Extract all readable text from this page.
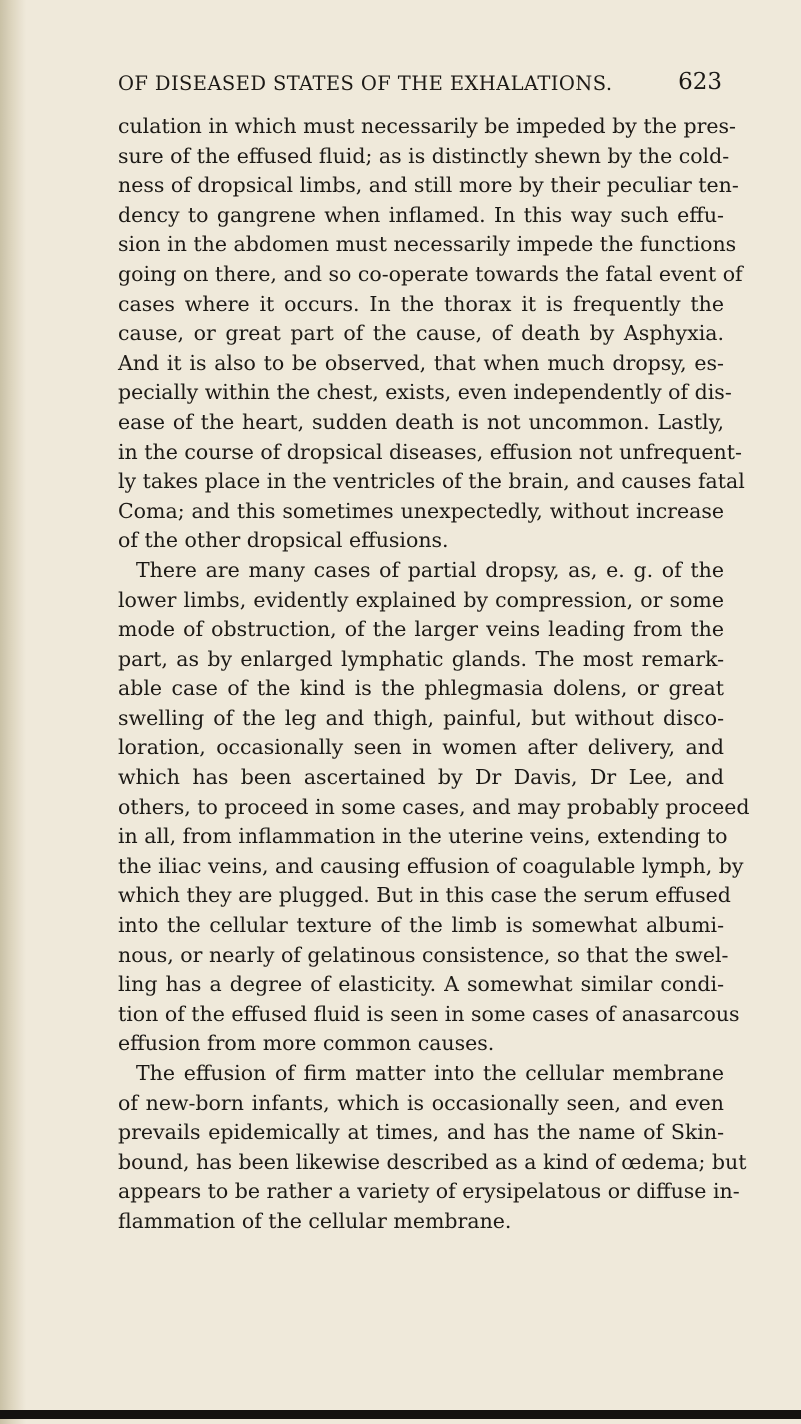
OF DISEASED STATES OF THE EXHALATIONS.	623
culation in which must necessarily be impeded by the pres-
sure of the effused fluid; as is distinctly shewn by the cold-
ness of dropsical limbs, and still more by their peculiar ten-
dency to gangrene when inflamed. In this way such effu-
sion in the abdomen must necessarily impede the functions
going on there, and so co-operate towards the fatal event of
cases where it occurs. In the thorax it is frequently the
cause, or great part of the cause, of death by Asphyxia.
And it is also to be observed, that when much dropsy, es-
pecially within the chest, exists, even independently of dis-
ease of the heart, sudden death is not uncommon. Lastly,
in the course of dropsical diseases, effusion not unfrequent-
ly takes place in the ventricles of the brain, and causes fatal
Coma; and this sometimes unexpectedly, without increase
of the other dropsical effusions.
There are many cases of partial dropsy, as, e. g. of the
lower limbs, evidently explained by compression, or some
mode of obstruction, of the larger veins leading from the
part, as by enlarged lymphatic glands. The most remark-
able case of the kind is the phlegmasia dolens, or great
swelling of the leg and thigh, painful, but without disco-
loration, occasionally seen in women after delivery, and
which has been ascertained by Dr Davis, Dr Lee, and
others, to proceed in some cases, and may probably proceed
in all, from inflammation in the uterine veins, extending to
the iliac veins, and causing effusion of coagulable lymph, by
which they are plugged. But in this case the serum effused
into the cellular texture of the limb is somewhat albumi-
nous, or nearly of gelatinous consistence, so that the swel-
ling has a degree of elasticity. A somewhat similar condi-
tion of the effused fluid is seen in some cases of anasarcous
effusion from more common causes.
The effusion of firm matter into the cellular membrane
of new-born infants, which is occasionally seen, and even
prevails epidemically at times, and has the name of Skin-
bound, has been likewise described as a kind of œdema; but
appears to be rather a variety of erysipelatous or diffuse in-
flammation of the cellular membrane.
